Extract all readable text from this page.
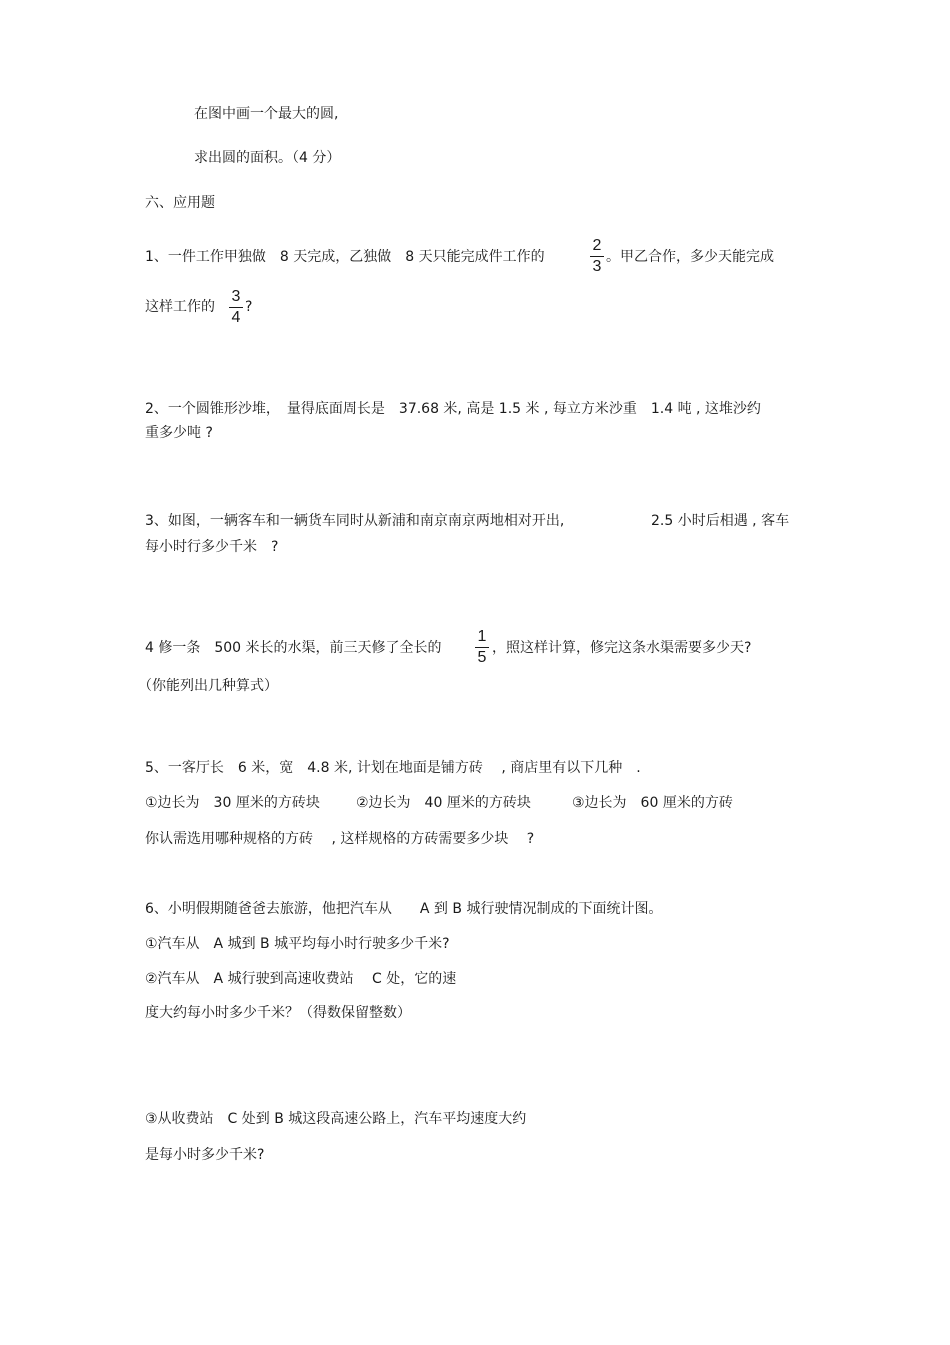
在图中画一个最大的圆,
求出圆的面积。（4 分）
六、应用题
1、一件工作甲独做　8 天完成，乙独做　8 天只能完成件工作的
2
3
。甲乙合作，多少天能完成
这样工作的
3
4
?
2、一个圆锥形沙堆，　量得底面周长是　37.68 米, 高是 1.5 米 , 每立方米沙重　1.4 吨 , 这堆沙约
重多少吨 ?
3、如图，一辆客车和一辆货车同时从新浦和南京南京两地相对开出,	2.5 小时后相遇 , 客车
每小时行多少千米　?
4 修一条　500 米长的水渠，前三天修了全长的
1
5
，照这样计算，修完这条水渠需要多少天?
（你能列出几种算式）
5、一客厅长　6 米，宽　4.8 米, 计划在地面是铺方砖　 , 商店里有以下几种　.
①边长为　30 厘米的方砖块	②边长为　40 厘米的方砖块	③边长为　60 厘米的方砖
你认需选用哪种规格的方砖　 , 这样规格的方砖需要多少块　 ?
6、小明假期随爸爸去旅游，他把汽车从　　A 到 B 城行驶情况制成的下面统计图。
①汽车从　A 城到 B 城平均每小时行驶多少千米?
②汽车从　A 城行驶到高速收费站　 C 处，它的速
度大约每小时多少千米？（得数保留整数）
③从收费站　C 处到 B 城这段高速公路上，汽车平均速度大约
是每小时多少千米?
